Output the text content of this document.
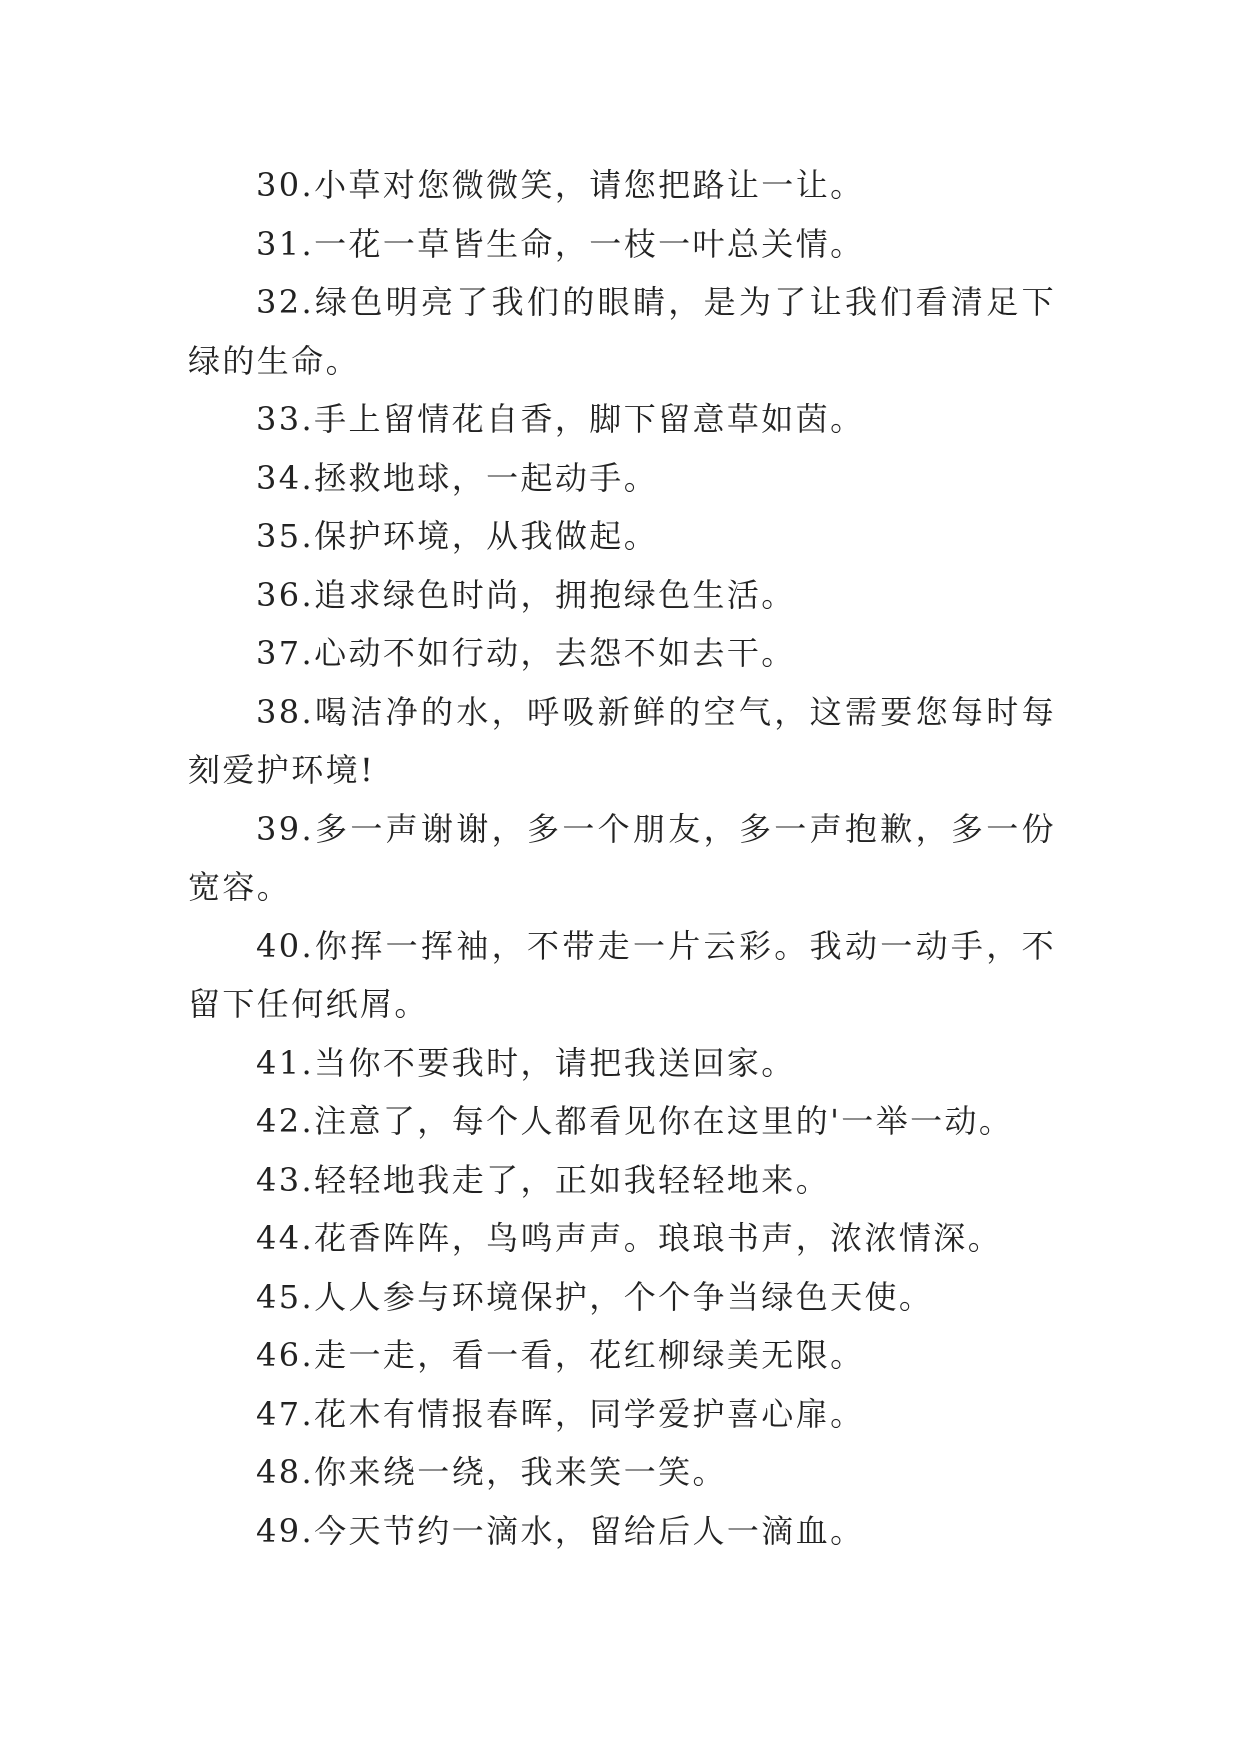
30.小草对您微微笑，请您把路让一让。

31.一花一草皆生命，一枝一叶总关情。

32.绿色明亮了我们的眼睛，是为了让我们看清足下绿的生命。

33.手上留情花自香，脚下留意草如茵。

34.拯救地球，一起动手。

35.保护环境，从我做起。

36.追求绿色时尚，拥抱绿色生活。

37.心动不如行动，去怨不如去干。

38.喝洁净的水，呼吸新鲜的空气，这需要您每时每刻爱护环境!

39.多一声谢谢，多一个朋友，多一声抱歉，多一份宽容。

40.你挥一挥袖，不带走一片云彩。我动一动手，不留下任何纸屑。

41.当你不要我时，请把我送回家。

42.注意了，每个人都看见你在这里的'一举一动。

43.轻轻地我走了，正如我轻轻地来。

44.花香阵阵，鸟鸣声声。琅琅书声，浓浓情深。

45.人人参与环境保护，个个争当绿色天使。

46.走一走，看一看，花红柳绿美无限。

47.花木有情报春晖，同学爱护喜心扉。

48.你来绕一绕，我来笑一笑。

49.今天节约一滴水，留给后人一滴血。
